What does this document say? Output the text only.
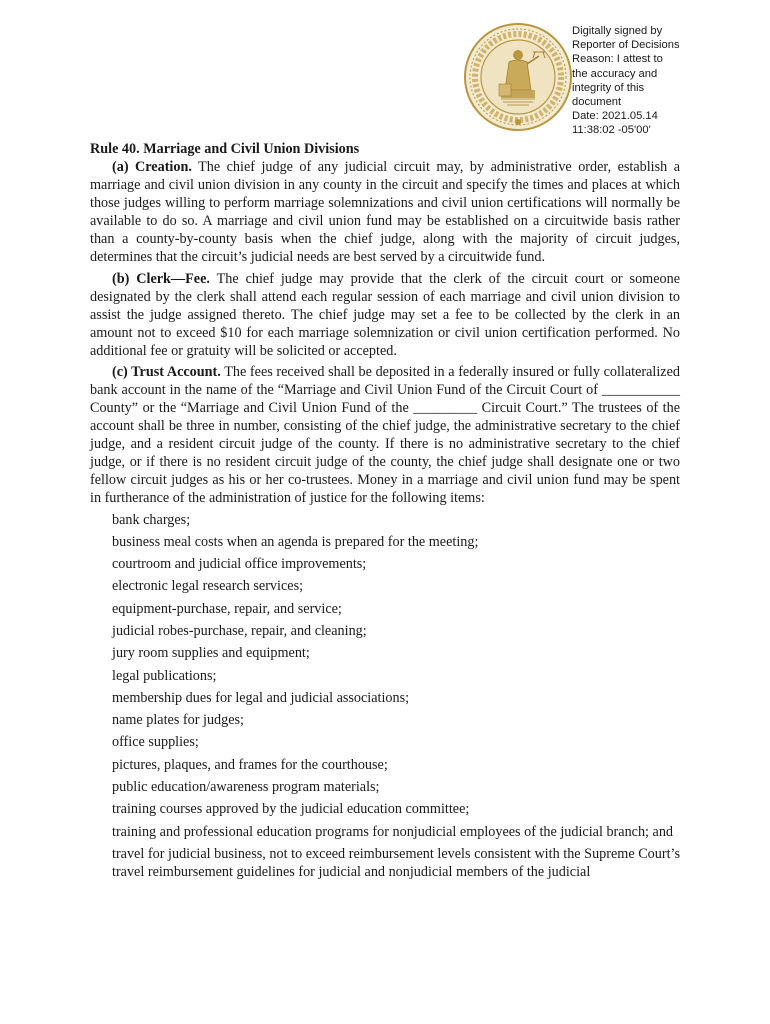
Digitally signed by
Reporter of Decisions
Reason: I attest to
the accuracy and
integrity of this
document
Date: 2021.05.14
11:38:02 -05'00'

Rule 40. Marriage and Civil Union Divisions

(a) Creation. The chief judge of any judicial circuit may, by administrative order, establish a marriage and civil union division in any county in the circuit and specify the times and places at which those judges willing to perform marriage solemnizations and civil union certifications will normally be available to do so. A marriage and civil union fund may be established on a circuitwide basis rather than a county-by-county basis when the chief judge, along with the majority of circuit judges, determines that the circuit’s judicial needs are best served by a circuitwide fund.

(b) Clerk—Fee. The chief judge may provide that the clerk of the circuit court or someone designated by the clerk shall attend each regular session of each marriage and civil union division to assist the judge assigned thereto. The chief judge may set a fee to be collected by the clerk in an amount not to exceed $10 for each marriage solemnization or civil union certification performed. No additional fee or gratuity will be solicited or accepted.

(c) Trust Account. The fees received shall be deposited in a federally insured or fully collateralized bank account in the name of the “Marriage and Civil Union Fund of the Circuit Court of ___________ County” or the “Marriage and Civil Union Fund of the _________ Circuit Court.” The trustees of the account shall be three in number, consisting of the chief judge, the administrative secretary to the chief judge, and a resident circuit judge of the county. If there is no administrative secretary to the chief judge, or if there is no resident circuit judge of the county, the chief judge shall designate one or two fellow circuit judges as his or her co-trustees. Money in a marriage and civil union fund may be spent in furtherance of the administration of justice for the following items:

bank charges;
business meal costs when an agenda is prepared for the meeting;
courtroom and judicial office improvements;
electronic legal research services;
equipment-purchase, repair, and service;
judicial robes-purchase, repair, and cleaning;
jury room supplies and equipment;
legal publications;
membership dues for legal and judicial associations;
name plates for judges;
office supplies;
pictures, plaques, and frames for the courthouse;
public education/awareness program materials;
training courses approved by the judicial education committee;
training and professional education programs for nonjudicial employees of the judicial branch; and
travel for judicial business, not to exceed reimbursement levels consistent with the Supreme Court’s travel reimbursement guidelines for judicial and nonjudicial members of the judicial
